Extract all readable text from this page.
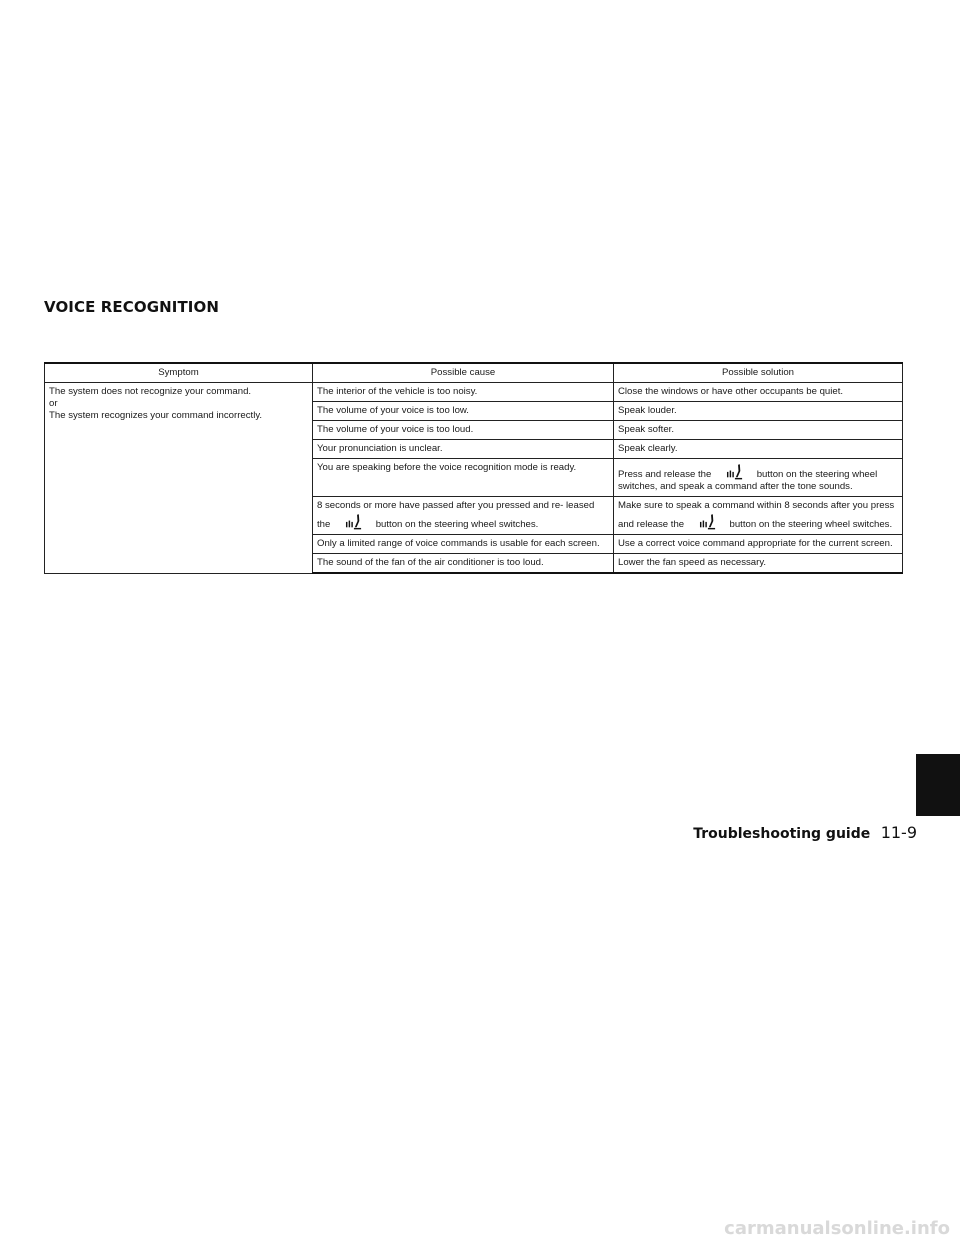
VOICE RECOGNITION
Symptom	Possible cause	Possible solution

The system does not recognize your command.
or
The system recognizes your command incorrectly.	The interior of the vehicle is too noisy.	Close the windows or have other occupants be quiet.
	The volume of your voice is too low.	Speak louder.
	The volume of your voice is too loud.	Speak softer.
	Your pronunciation is unclear.	Speak clearly.
	You are speaking before the voice recognition mode is ready.	Press and release the button on the steering wheel switches, and speak a command after the tone sounds.
	8 seconds or more have passed after you pressed and re- leased the button on the steering wheel switches.	Make sure to speak a command within 8 seconds after you press and release the button on the steering wheel switches.
	Only a limited range of voice commands is usable for each screen.	Use a correct voice command appropriate for the current screen.
	The sound of the fan of the air conditioner is too loud.	Lower the fan speed as necessary.
Troubleshooting guide 11-9
carmanualsonline.info
